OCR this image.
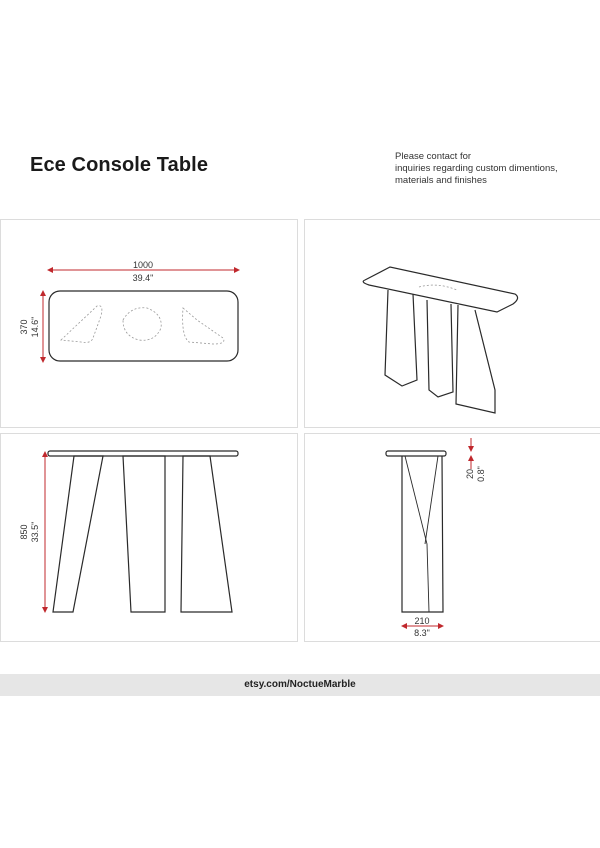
Ece Console Table	Please contact for
inquiries regarding custom dimentions,
materials and finishes
1000
39.4"
370 14.6"
850 33.5"
20 0.8"
210
8.3"
etsy.com/NoctueMarble
